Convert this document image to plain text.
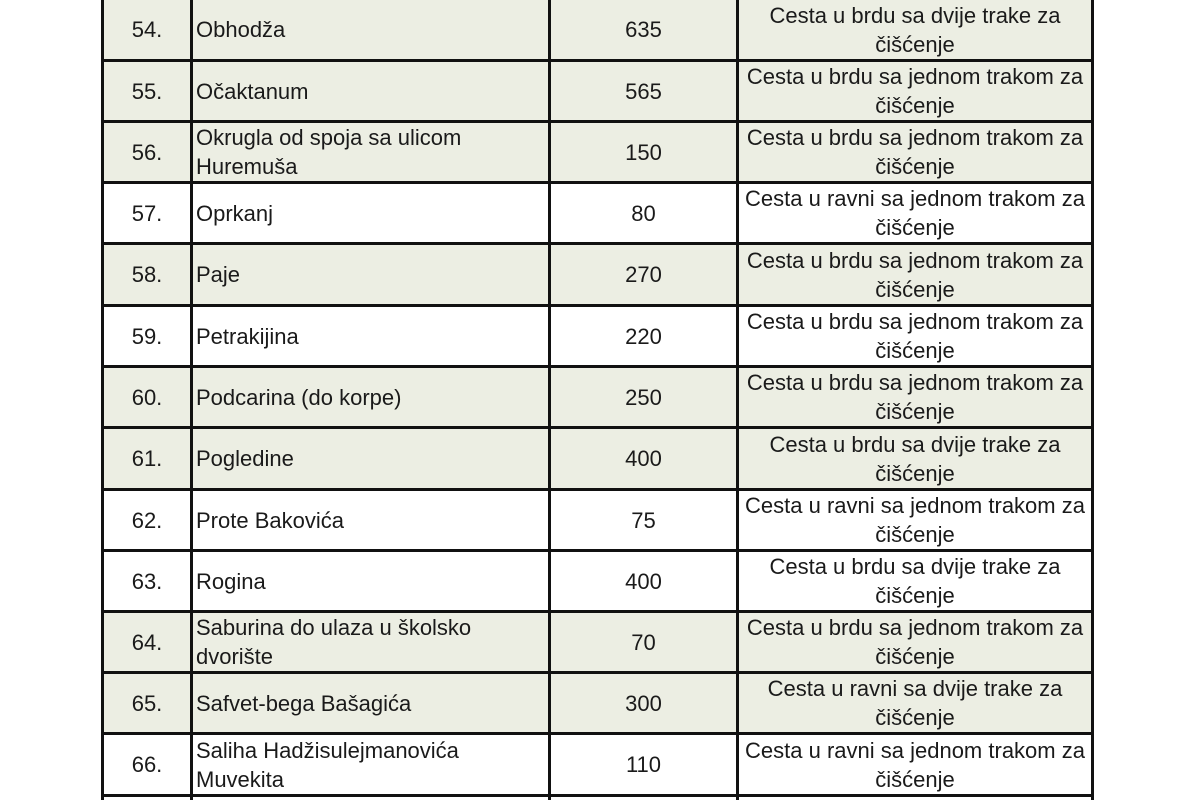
54.	Obhodža	635	Cesta u brdu sa dvije trake za čišćenje

55.	Očaktanum	565	Cesta u brdu sa jednom trakom za čišćenje

56.	Okrugla od spoja sa ulicom Huremuša	150	Cesta u brdu sa jednom trakom za čišćenje

57.	Oprkanj	80	Cesta u ravni sa jednom trakom za čišćenje

58.	Paje	270	Cesta u brdu sa jednom trakom za čišćenje

59.	Petrakijina	220	Cesta u brdu sa jednom trakom za čišćenje

60.	Podcarina (do korpe)	250	Cesta u brdu sa jednom trakom za čišćenje

61.	Pogledine	400	Cesta u brdu sa dvije trake za čišćenje

62.	Prote Bakovića	75	Cesta u ravni sa jednom trakom za čišćenje

63.	Rogina	400	Cesta u brdu sa dvije trake za čišćenje

64.	Saburina do ulaza u školsko dvorište	70	Cesta u brdu sa jednom trakom za čišćenje

65.	Safvet-bega Bašagića	300	Cesta u ravni sa dvije trake za čišćenje

66.	Saliha Hadžisulejmanovića Muvekita	110	Cesta u ravni sa jednom trakom za čišćenje
